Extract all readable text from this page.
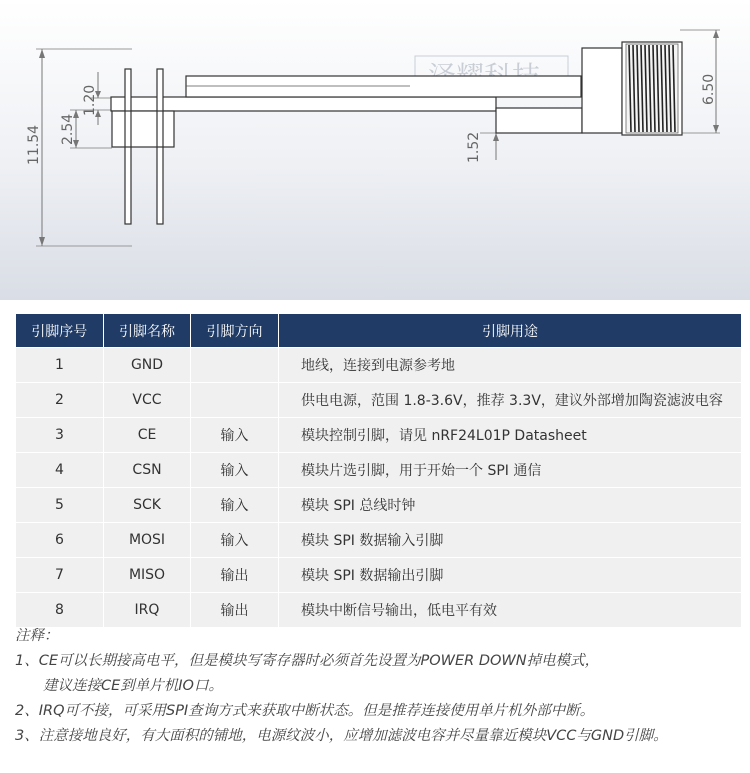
11.54 2.54
1.20
1.52
6.50
引脚序号	引脚名称	引脚方向	引脚用途
1	GND		地线，连接到电源参考地
2	VCC		供电电源，范围 1.8-3.6V，推荐 3.3V，建议外部增加陶瓷滤波电容
3	CE	输入	模块控制引脚，请见 nRF24L01P Datasheet
4	CSN	输入	模块片选引脚，用于开始一个 SPI 通信
5	SCK	输入	模块 SPI 总线时钟
6	MOSI	输入	模块 SPI 数据输入引脚
7	MISO	输出	模块 SPI 数据输出引脚
8	IRQ	输出	模块中断信号输出，低电平有效
注释：
1、CE可以长期接高电平，但是模块写寄存器时必须首先设置为POWER DOWN掉电模式，
建议连接CE到单片机IO口。
2、IRQ可不接，可采用SPI查询方式来获取中断状态。但是推荐连接使用单片机外部中断。
3、注意接地良好，有大面积的铺地，电源纹波小，应增加滤波电容并尽量靠近模块VCC与GND引脚。
